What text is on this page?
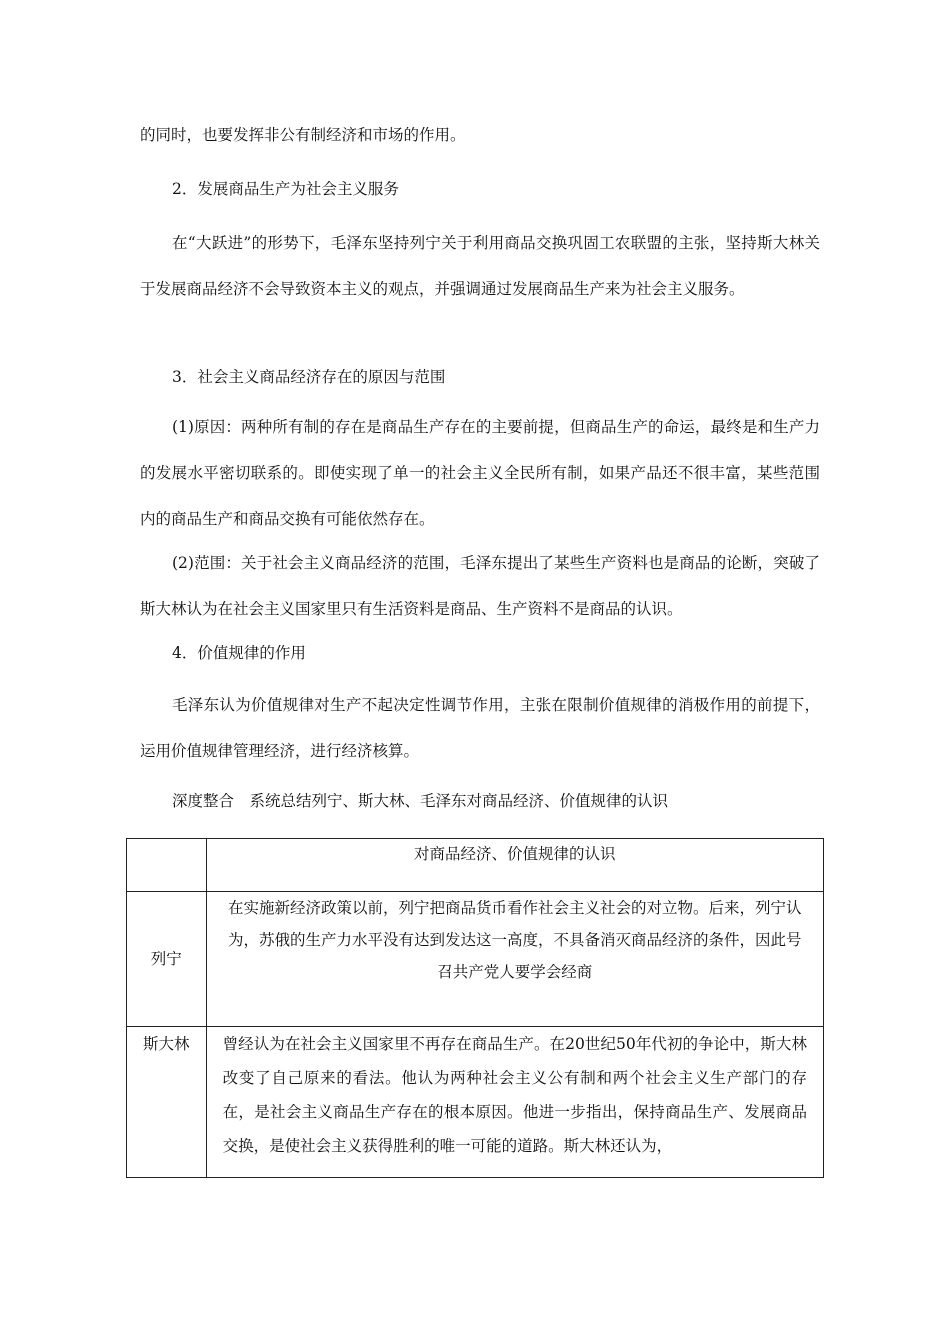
的同时，也要发挥非公有制经济和市场的作用。

2．发展商品生产为社会主义服务

在“大跃进”的形势下，毛泽东坚持列宁关于利用商品交换巩固工农联盟的主张，坚持斯大林关于发展商品经济不会导致资本主义的观点，并强调通过发展商品生产来为社会主义服务。

3．社会主义商品经济存在的原因与范围

(1)原因：两种所有制的存在是商品生产存在的主要前提，但商品生产的命运，最终是和生产力的发展水平密切联系的。即使实现了单一的社会主义全民所有制，如果产品还不很丰富，某些范围内的商品生产和商品交换有可能依然存在。

(2)范围：关于社会主义商品经济的范围，毛泽东提出了某些生产资料也是商品的论断，突破了斯大林认为在社会主义国家里只有生活资料是商品、生产资料不是商品的认识。

4．价值规律的作用

毛泽东认为价值规律对生产不起决定性调节作用，主张在限制价值规律的消极作用的前提下，运用价值规律管理经济，进行经济核算。

深度整合　系统总结列宁、斯大林、毛泽东对商品经济、价值规律的认识

	对商品经济、价值规律的认识

列宁	在实施新经济政策以前，列宁把商品货币看作社会主义社会的对立物。后来，列宁认为，苏俄的生产力水平没有达到发达这一高度，不具备消灭商品经济的条件，因此号召共产党人要学会经商

斯大林	曾经认为在社会主义国家里不再存在商品生产。在20世纪50年代初的争论中，斯大林改变了自己原来的看法。他认为两种社会主义公有制和两个社会主义生产部门的存在，是社会主义商品生产存在的根本原因。他进一步指出，保持商品生产、发展商品交换，是使社会主义获得胜利的唯一可能的道路。斯大林还认为，
